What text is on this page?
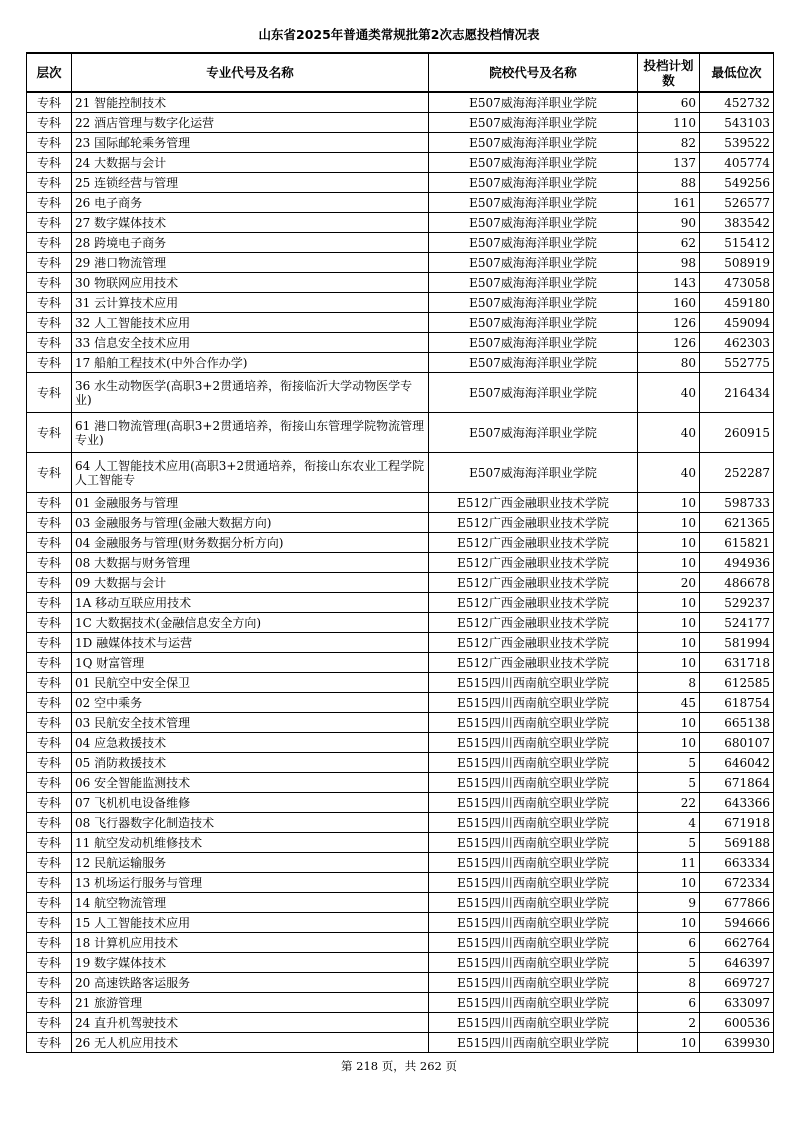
山东省2025年普通类常规批第2次志愿投档情况表
层次	专业代号及名称	院校代号及名称	投档计划数	最低位次
专科	21 智能控制技术	E507威海海洋职业学院	60	452732
专科	22 酒店管理与数字化运营	E507威海海洋职业学院	110	543103
专科	23 国际邮轮乘务管理	E507威海海洋职业学院	82	539522
专科	24 大数据与会计	E507威海海洋职业学院	137	405774
专科	25 连锁经营与管理	E507威海海洋职业学院	88	549256
专科	26 电子商务	E507威海海洋职业学院	161	526577
专科	27 数字媒体技术	E507威海海洋职业学院	90	383542
专科	28 跨境电子商务	E507威海海洋职业学院	62	515412
专科	29 港口物流管理	E507威海海洋职业学院	98	508919
专科	30 物联网应用技术	E507威海海洋职业学院	143	473058
专科	31 云计算技术应用	E507威海海洋职业学院	160	459180
专科	32 人工智能技术应用	E507威海海洋职业学院	126	459094
专科	33 信息安全技术应用	E507威海海洋职业学院	126	462303
专科	17 船舶工程技术(中外合作办学)	E507威海海洋职业学院	80	552775
专科	36 水生动物医学(高职3+2贯通培养，衔接临沂大学动物医学专业)	E507威海海洋职业学院	40	216434
专科	61 港口物流管理(高职3+2贯通培养，衔接山东管理学院物流管理专业)	E507威海海洋职业学院	40	260915
专科	64 人工智能技术应用(高职3+2贯通培养，衔接山东农业工程学院人工智能专	E507威海海洋职业学院	40	252287
专科	01 金融服务与管理	E512广西金融职业技术学院	10	598733
专科	03 金融服务与管理(金融大数据方向)	E512广西金融职业技术学院	10	621365
专科	04 金融服务与管理(财务数据分析方向)	E512广西金融职业技术学院	10	615821
专科	08 大数据与财务管理	E512广西金融职业技术学院	10	494936
专科	09 大数据与会计	E512广西金融职业技术学院	20	486678
专科	1A 移动互联应用技术	E512广西金融职业技术学院	10	529237
专科	1C 大数据技术(金融信息安全方向)	E512广西金融职业技术学院	10	524177
专科	1D 融媒体技术与运营	E512广西金融职业技术学院	10	581994
专科	1Q 财富管理	E512广西金融职业技术学院	10	631718
专科	01 民航空中安全保卫	E515四川西南航空职业学院	8	612585
专科	02 空中乘务	E515四川西南航空职业学院	45	618754
专科	03 民航安全技术管理	E515四川西南航空职业学院	10	665138
专科	04 应急救援技术	E515四川西南航空职业学院	10	680107
专科	05 消防救援技术	E515四川西南航空职业学院	5	646042
专科	06 安全智能监测技术	E515四川西南航空职业学院	5	671864
专科	07 飞机机电设备维修	E515四川西南航空职业学院	22	643366
专科	08 飞行器数字化制造技术	E515四川西南航空职业学院	4	671918
专科	11 航空发动机维修技术	E515四川西南航空职业学院	5	569188
专科	12 民航运输服务	E515四川西南航空职业学院	11	663334
专科	13 机场运行服务与管理	E515四川西南航空职业学院	10	672334
专科	14 航空物流管理	E515四川西南航空职业学院	9	677866
专科	15 人工智能技术应用	E515四川西南航空职业学院	10	594666
专科	18 计算机应用技术	E515四川西南航空职业学院	6	662764
专科	19 数字媒体技术	E515四川西南航空职业学院	5	646397
专科	20 高速铁路客运服务	E515四川西南航空职业学院	8	669727
专科	21 旅游管理	E515四川西南航空职业学院	6	633097
专科	24 直升机驾驶技术	E515四川西南航空职业学院	2	600536
专科	26 无人机应用技术	E515四川西南航空职业学院	10	639930
第 218 页，共 262 页
